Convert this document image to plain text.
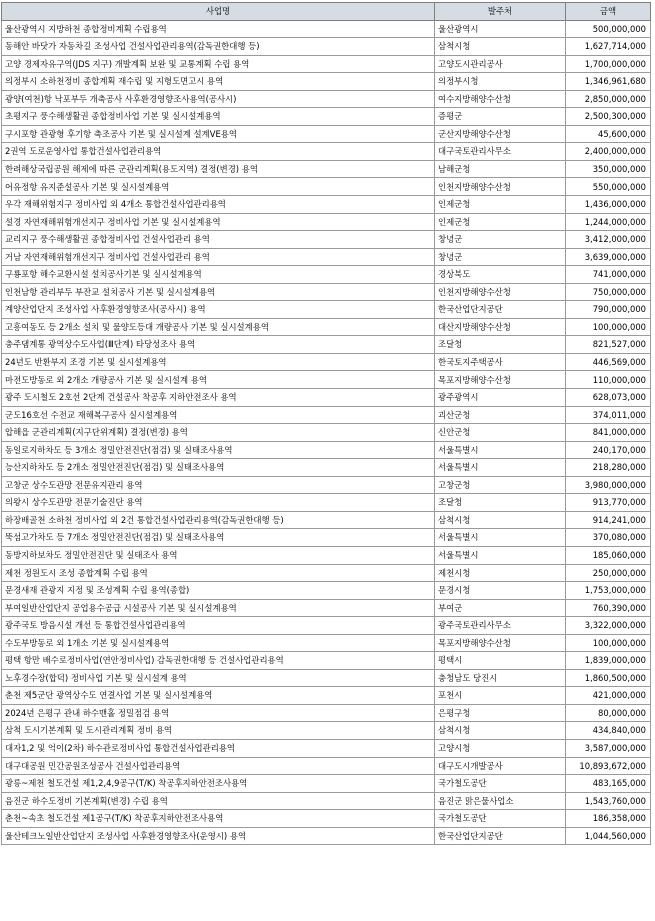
사업명	발주처	금액
울산광역시 지방하천 종합정비계획 수립용역	울산광역시	500,000,000
동해안 바닷가 자동차길 조성사업 건설사업관리용역(감독권한대행 등)	삼척시청	1,627,714,000
고양 경제자유구역(JDS 지구) 개발계획 보완 및 교통계획 수립 용역	고양도시관리공사	1,700,000,000
의정부시 소하천정비 종합계획 재수립 및 지형도면고시 용역	의정부시청	1,346,961,680
광양(여천)항 낙포부두 개축공사 사후환경영향조사용역(공사시)	여수지방해양수산청	2,850,000,000
초평지구 풍수해생활권 종합정비사업 기본 및 실시설계용역	증평군	2,500,300,000
구시포항 관광형 후기항 축조공사 기본 및 실시설계 설계VE용역	군산지방해양수산청	45,600,000
2권역 도로운영사업 통합건설사업관리용역	대구국토관리사무소	2,400,000,000
한려해상국립공원 해제에 따른 군관리계획(용도지역) 결정(변경) 용역	남해군청	350,000,000
어유정항 유지준설공사 기본 및 실시설계용역	인천지방해양수산청	550,000,000
우각 재해위험지구 정비사업 외 4개소 통합건설사업관리용역	인제군청	1,436,000,000
설경 자연재해위험개선지구 정비사업 기본 및 실시설계용역	인제군청	1,244,000,000
교리지구 풍수해생활권 종합정비사업 건설사업관리 용역	창녕군	3,412,000,000
거남 자연재해위험개선지구 정비사업 건설사업관리 용역	창녕군	3,639,000,000
구룡포항 해수교환시설 설치공사기본 및 실시설계용역	경상북도	741,000,000
인천남항 관리부두 부잔교 설치공사 기본 및 실시설계용역	인천지방해양수산청	750,000,000
계양산업단지 조성사업 사후환경영향조사(공사시) 용역	한국산업단지공단	790,000,000
고흥여동도 등 2개소 설치 및 물양도등대 개량공사 기본 및 실시설계용역	대산지방해양수산청	100,000,000
충주댐계통 광역상수도사업(Ⅲ단계) 타당성조사 용역	조달청	821,527,000
24년도 반환부지 조경 기본 및 실시설계용역	한국토지주택공사	446,569,000
마전도방동로 외 2개소 개량공사 기본 및 실시설계 용역	목포지방해양수산청	110,000,000
광주 도시철도 2호선 2단계 건설공사 착공후 지하안전조사 용역	광주광역시	628,073,000
군도16호선 수전교 재해복구공사 실시설계용역	괴산군청	374,011,000
압해읍 군관리계획(지구단위계획) 결정(변경) 용역	신안군청	841,000,000
동일로지하차도 등 3개소 정밀안전진단(점검) 및 실태조사용역	서울특별시	240,170,000
능산지하차도 등 2개소 정밀안전진단(점검) 및 실태조사용역	서울특별시	218,280,000
고창군 상수도관망 전문유지관리 용역	고창군청	3,980,000,000
의왕시 상수도관망 전문기술진단 용역	조달청	913,770,000
하장배골천 소하천 정비사업 외 2건 통합건설사업관리용역(감독권한대행 등)	삼척시청	914,241,000
뚝섬고가차도 등 7개소 정밀안전진단(점검) 및 실태조사용역	서울특별시	370,080,000
동방지하보차도 정밀안전진단 및 실태조사 용역	서울특별시	185,060,000
제천 정원도시 조성 종합계획 수립 용역	제천시청	250,000,000
문경새재 관광지 지정 및 조성계획 수립 용역(종합)	문경시청	1,753,000,000
부여일반산업단지 공업용수공급 시설공사 기본 및 실시설계용역	부여군	760,390,000
광주국토 방음시설 개선 등 통합건설사업관리용역	광주국토관리사무소	3,322,000,000
수도부방동로 외 1개소 기본 및 실시설계용역	목포지방해양수산청	100,000,000
평택 항만 배수로정비사업(연안정비사업) 감독권한대행 등 건설사업관리용역	평택시	1,839,000,000
노후경수장(합덕) 정비사업 기본 및 실시설계 용역	충청남도 당진시	1,860,500,000
춘천 제5군단 광역상수도 연결사업 기본 및 실시설계용역	포천시	421,000,000
2024년 은평구 관내 하수맨홀 정밀점검 용역	은평구청	80,000,000
삼척 도시기본계획 및 도시관리계획 정비 용역	삼척시청	434,840,000
대자1,2 및 억이(2차) 하수관로정비사업 통합건설사업관리용역	고양시청	3,587,000,000
대구대공원 민간공원조성공사 건설사업관리용역	대구도시개발공사	10,893,672,000
광릉~제천 철도건설 제1,2,4,9공구(T/K) 착공후지하안전조사용역	국가철도공단	483,165,000
음진군 하수도정비 기본계획(변경) 수립 용역	음진군 맑은물사업소	1,543,760,000
춘천~속초 철도건설 제1공구(T/K) 착공후지하안전조사용역	국가철도공단	186,358,000
울산테크노일반산업단지 조성사업 사후환경영향조사(운영시) 용역	한국산업단지공단	1,044,560,000
